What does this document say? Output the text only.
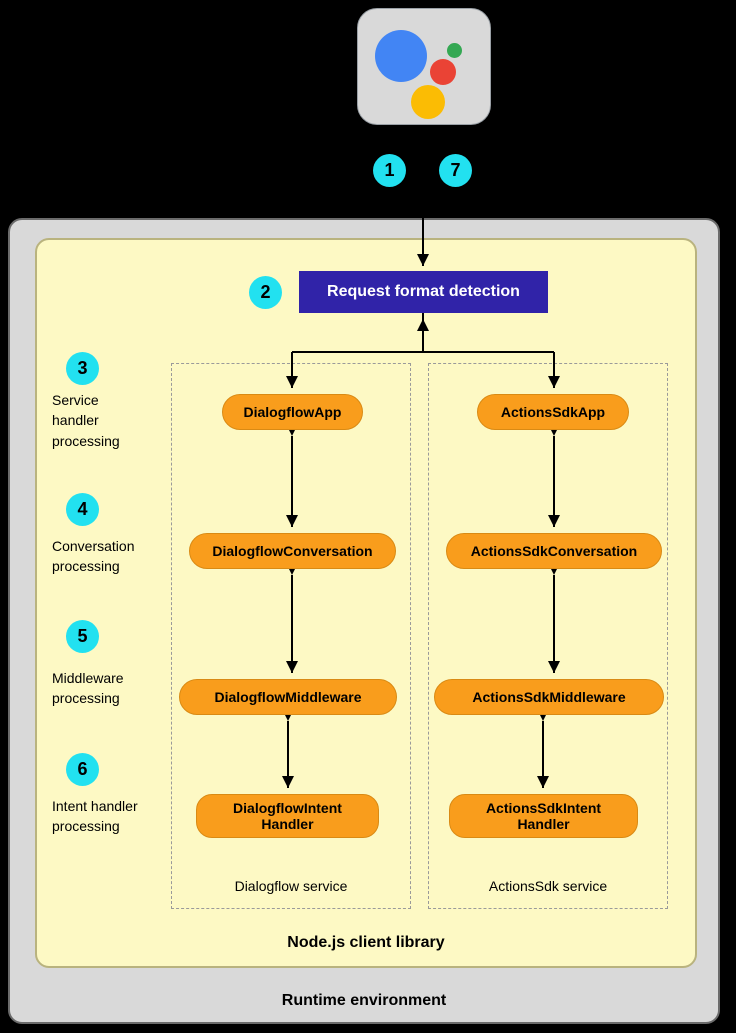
1	7
Node.js client library
Runtime environment
2	Request format detection
Dialogflow service	ActionsSdk service
3
Service
handler
processing
4
Conversation
processing
5
Middleware
processing
6
Intent handler
processing
DialogflowApp	ActionsSdkApp
DialogflowConversation	ActionsSdkConversation
DialogflowMiddleware	ActionsSdkMiddleware
DialogflowIntent
Handler
ActionsSdkIntent
Handler
